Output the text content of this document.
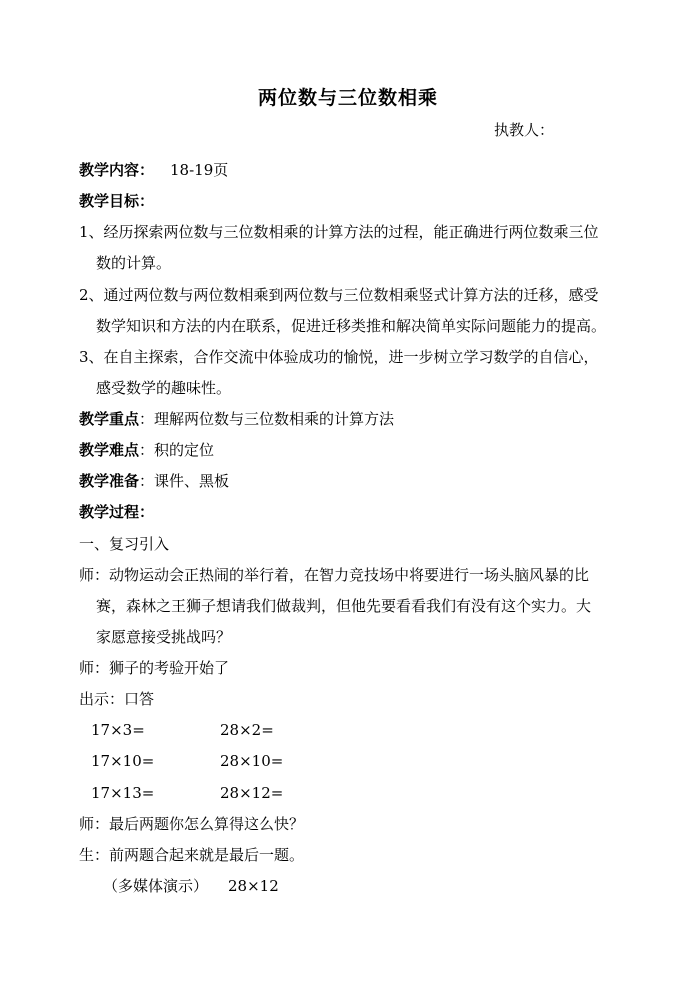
两位数与三位数相乘
执教人：
教学内容： 18-19页
教学目标：
1、经历探索两位数与三位数相乘的计算方法的过程，能正确进行两位数乘三位
数的计算。
2、通过两位数与两位数相乘到两位数与三位数相乘竖式计算方法的迁移，感受
数学知识和方法的内在联系，促进迁移类推和解决简单实际问题能力的提高。
3、在自主探索，合作交流中体验成功的愉悦，进一步树立学习数学的自信心，
感受数学的趣味性。
教学重点：理解两位数与三位数相乘的计算方法
教学难点：积的定位
教学准备：课件、黑板
教学过程：
一、复习引入
师：动物运动会正热闹的举行着，在智力竞技场中将要进行一场头脑风暴的比
赛，森林之王狮子想请我们做裁判，但他先要看看我们有没有这个实力。大
家愿意接受挑战吗？
师：狮子的考验开始了
出示：口答
17×3=	28×2=
17×10=	28×10=
17×13=	28×12=
师：最后两题你怎么算得这么快？
生：前两题合起来就是最后一题。
（多媒体演示） 28×12
